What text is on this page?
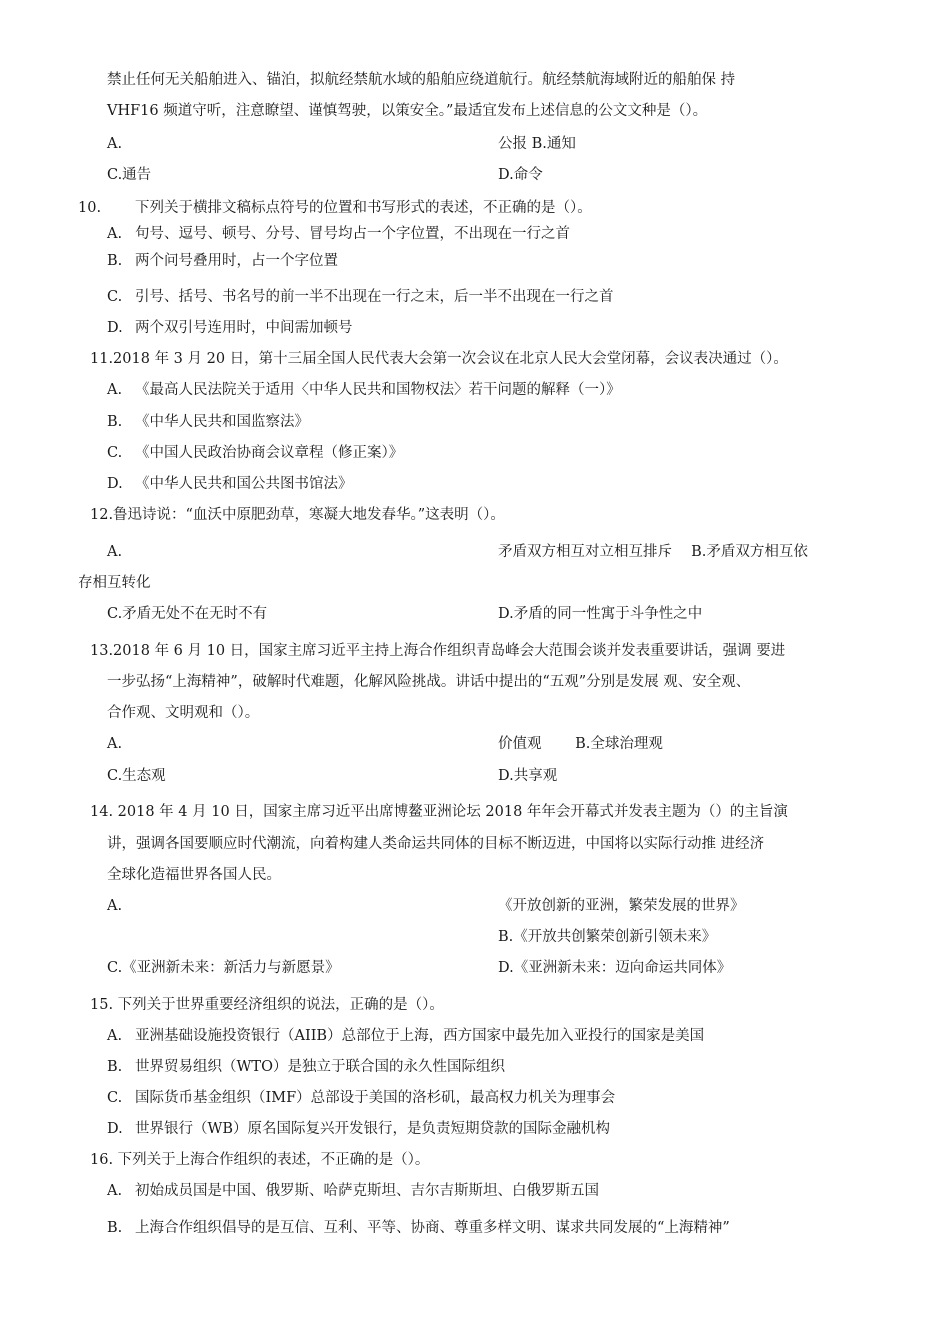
禁止任何无关船舶进入、锚泊，拟航经禁航水域的船舶应绕道航行。航经禁航海域附近的船舶保 持
VHF16 频道守听，注意瞭望、谨慎驾驶，以策安全。”最适宜发布上述信息的公文文种是（）。
A.	公报 B.通知
C.通告	D.命令
10. 下列关于横排文稿标点符号的位置和书写形式的表述，不正确的是（）。
A. 句号、逗号、顿号、分号、冒号均占一个字位置，不出现在一行之首
B. 两个问号叠用时，占一个字位置
C. 引号、括号、书名号的前一半不出现在一行之末，后一半不出现在一行之首
D. 两个双引号连用时，中间需加顿号
11.2018 年 3 月 20 日，第十三届全国人民代表大会第一次会议在北京人民大会堂闭幕，会议表决通过（）。
A. 《最高人民法院关于适用〈中华人民共和国物权法〉若干问题的解释（一）》
B. 《中华人民共和国监察法》
C. 《中国人民政治协商会议章程（修正案）》
D. 《中华人民共和国公共图书馆法》
12.鲁迅诗说：“血沃中原肥劲草，寒凝大地发春华。”这表明（）。
A.	矛盾双方相互对立相互排斥　 B.矛盾双方相互依
存相互转化
C.矛盾无处不在无时不有	D.矛盾的同一性寓于斗争性之中
13.2018 年 6 月 10 日，国家主席习近平主持上海合作组织青岛峰会大范围会谈并发表重要讲话，强调 要进
一步弘扬“上海精神”，破解时代难题，化解风险挑战。讲话中提出的“五观”分别是发展 观、安全观、
合作观、文明观和（）。
A.	价值观　　 B.全球治理观
C.生态观	D.共享观
14. 2018 年 4 月 10 日，国家主席习近平出席博鳌亚洲论坛 2018 年年会开幕式并发表主题为（）的主旨演
讲，强调各国要顺应时代潮流，向着构建人类命运共同体的目标不断迈进，中国将以实际行动推 进经济
全球化造福世界各国人民。
A.	《开放创新的亚洲，繁荣发展的世界》
B.《开放共创繁荣创新引领未来》
C.《亚洲新未来：新活力与新愿景》	D.《亚洲新未来：迈向命运共同体》
15. 下列关于世界重要经济组织的说法，正确的是（）。
A. 亚洲基础设施投资银行（AIIB）总部位于上海，西方国家中最先加入亚投行的国家是美国
B. 世界贸易组织（WTO）是独立于联合国的永久性国际组织
C. 国际货币基金组织（IMF）总部设于美国的洛杉矶，最高权力机关为理事会
D. 世界银行（WB）原名国际复兴开发银行，是负责短期贷款的国际金融机构
16. 下列关于上海合作组织的表述，不正确的是（）。
A. 初始成员国是中国、俄罗斯、哈萨克斯坦、吉尔吉斯斯坦、白俄罗斯五国
B. 上海合作组织倡导的是互信、互利、平等、协商、尊重多样文明、谋求共同发展的“上海精神”
